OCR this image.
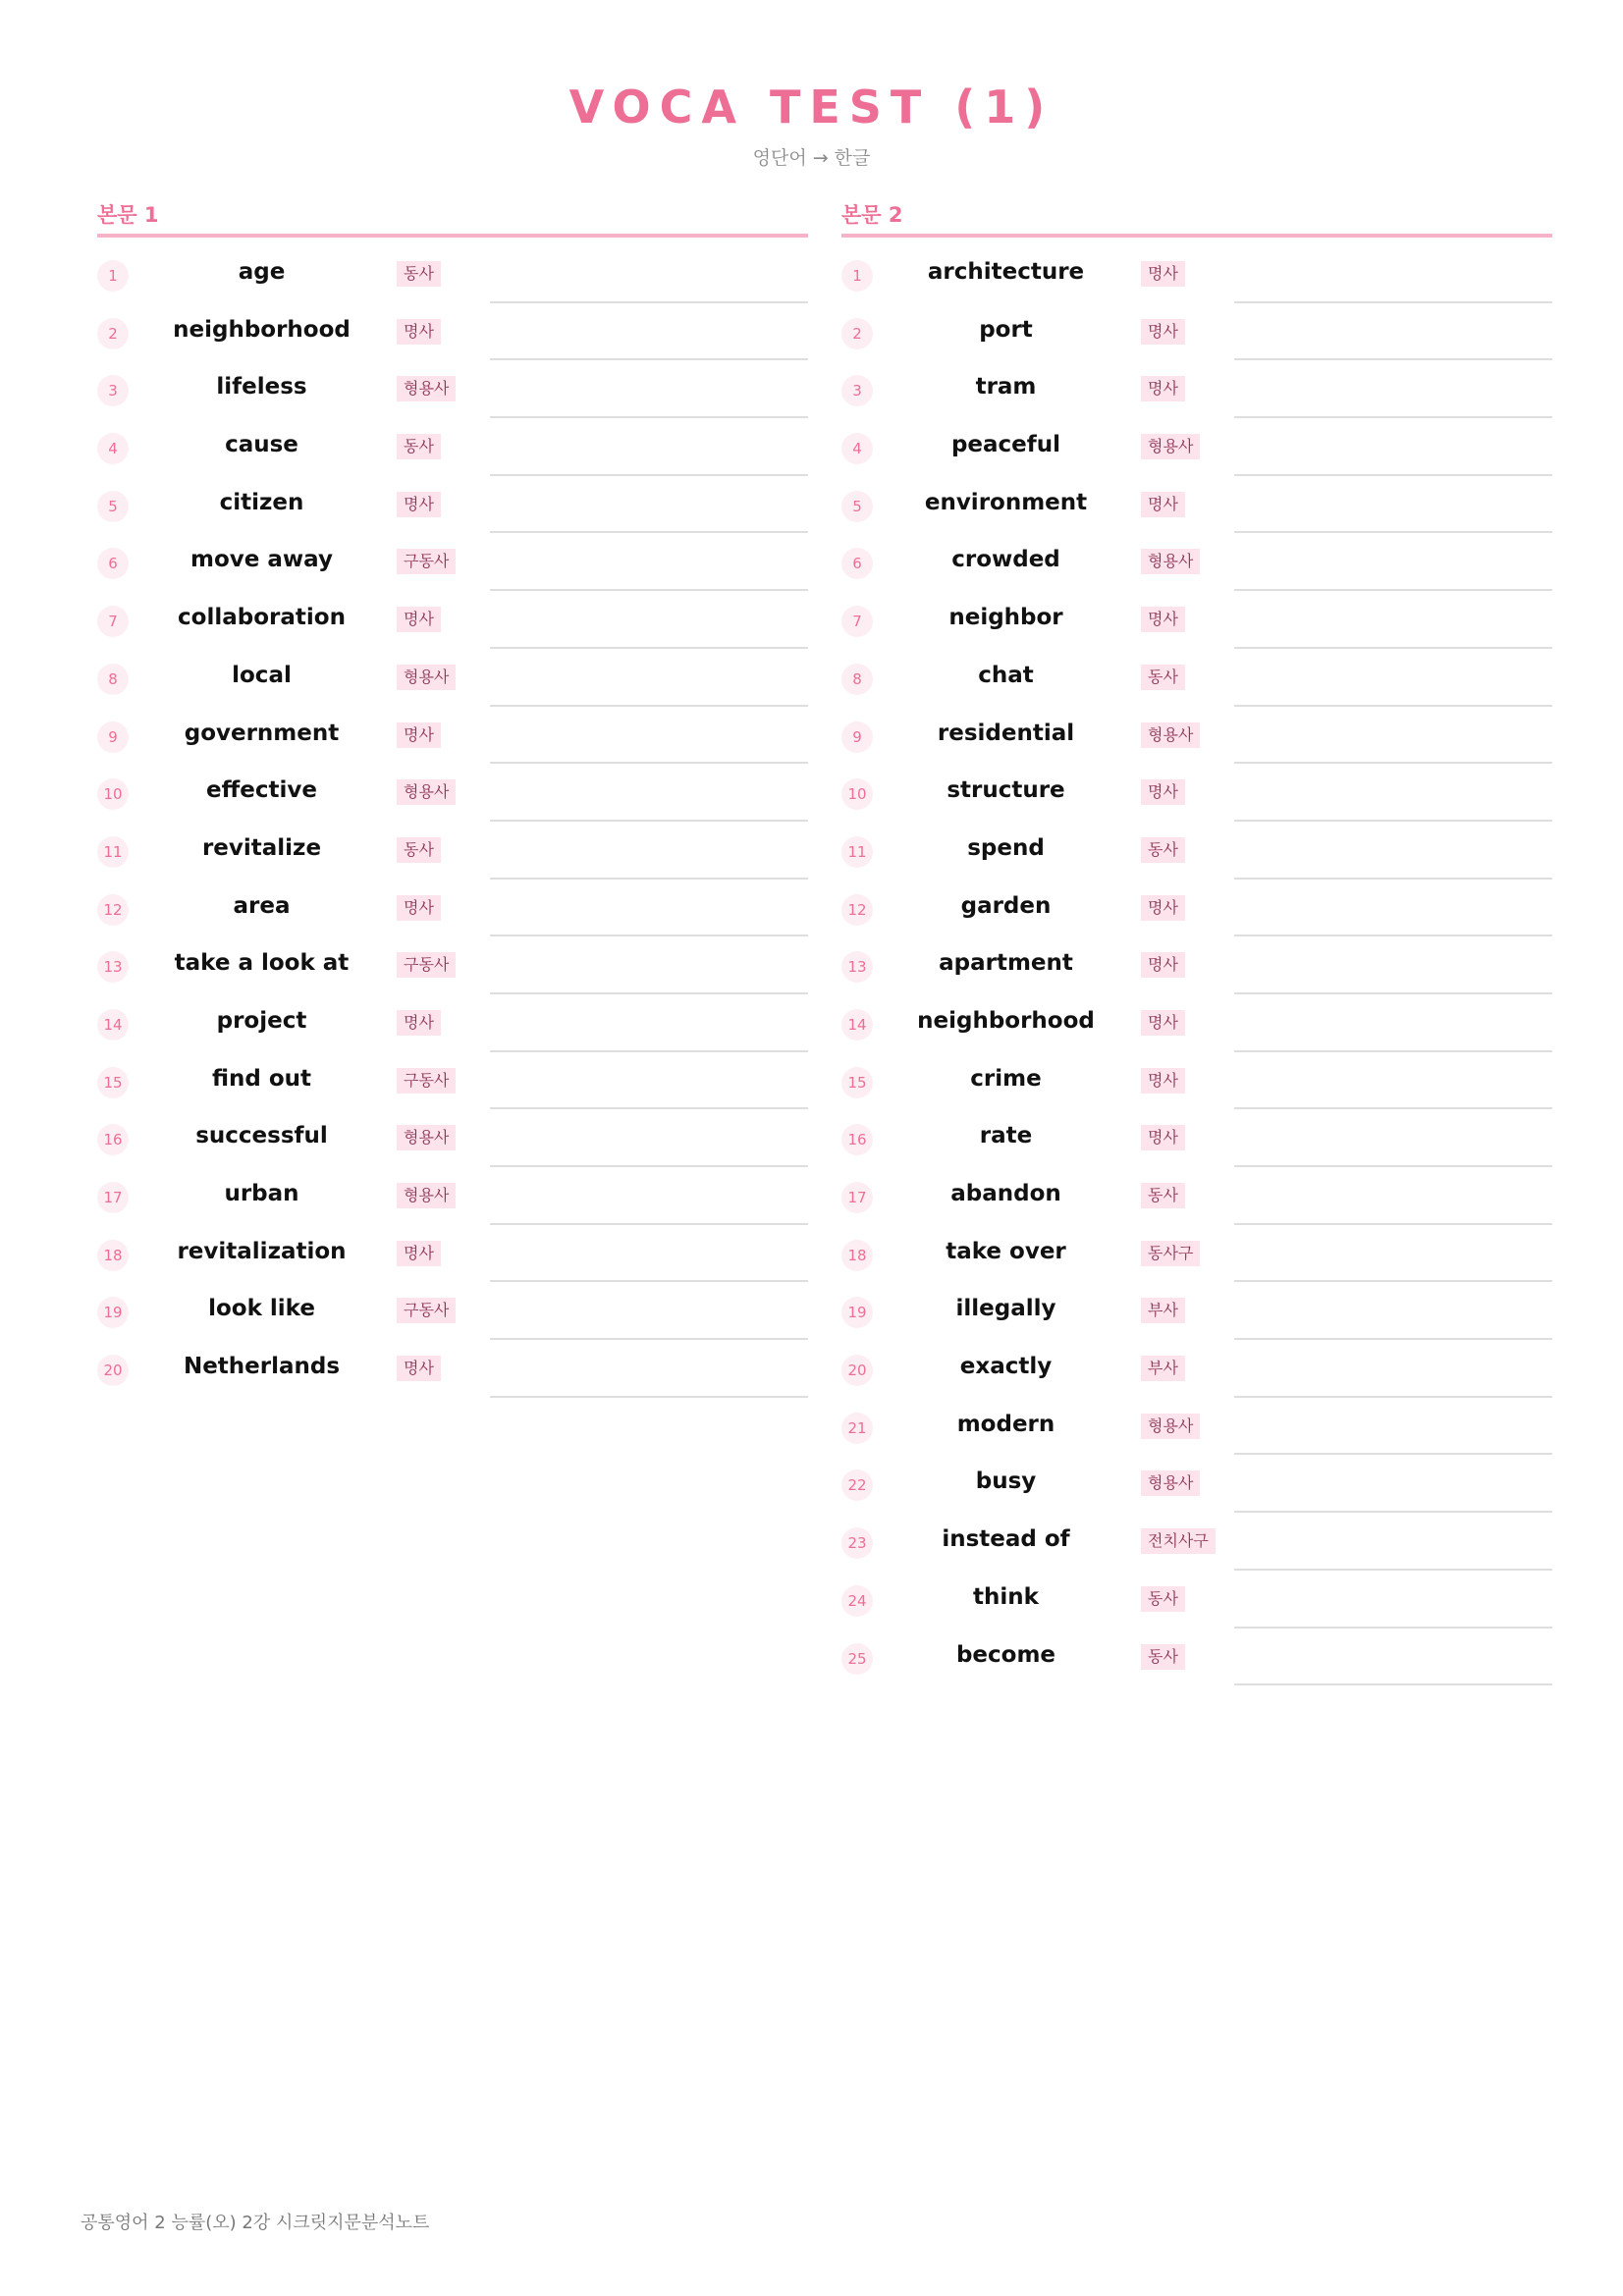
VOCA TEST (1)
영단어 → 한글
본문 1
1	age	동사
2	neighborhood	명사
3	lifeless	형용사
4	cause	동사
5	citizen	명사
6	move away	구동사
7	collaboration	명사
8	local	형용사
9	government	명사
10	effective	형용사
11	revitalize	동사
12	area	명사
13	take a look at	구동사
14	project	명사
15	find out	구동사
16	successful	형용사
17	urban	형용사
18	revitalization	명사
19	look like	구동사
20	Netherlands	명사
본문 2
1	architecture	명사
2	port	명사
3	tram	명사
4	peaceful	형용사
5	environment	명사
6	crowded	형용사
7	neighbor	명사
8	chat	동사
9	residential	형용사
10	structure	명사
11	spend	동사
12	garden	명사
13	apartment	명사
14	neighborhood	명사
15	crime	명사
16	rate	명사
17	abandon	동사
18	take over	동사구
19	illegally	부사
20	exactly	부사
21	modern	형용사
22	busy	형용사
23	instead of	전치사구
24	think	동사
25	become	동사
공통영어 2 능률(오) 2강 시크릿지문분석노트
